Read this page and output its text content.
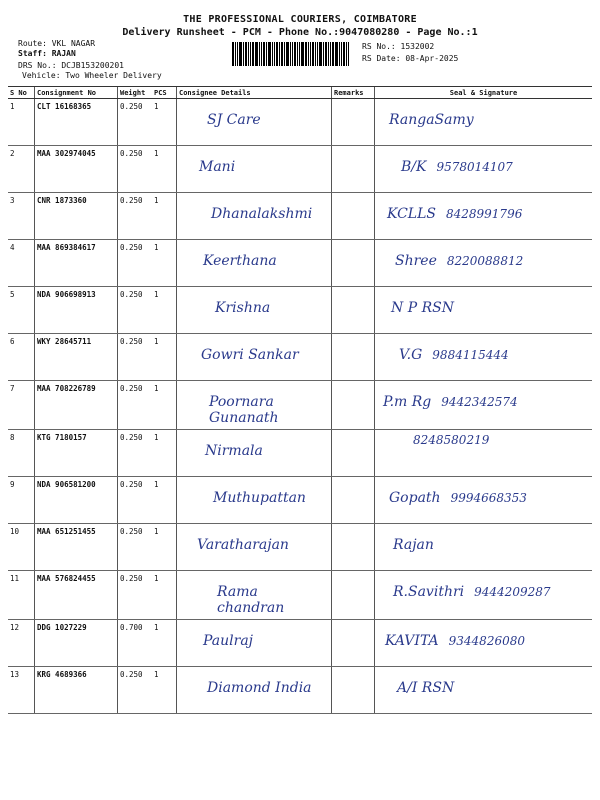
THE PROFESSIONAL COURIERS, COIMBATORE
Delivery Runsheet - PCM - Phone No.:9047080280 - Page No.:1
Route: VKL NAGAR
Staff: RAJAN
DRS No.: DCJB153200201
Vehicle: Two Wheeler Delivery
RS No.: 1532002
RS Date: 08-Apr-2025
S No	Consignment No	Weight	PCS	Consignee Details	Remarks	Seal & Signature
1	CLT 16168365	0.250	1	SJ Care		RangaSamy

2	MAA 302974045	0.250	1	Mani		B/K 9578014107

3	CNR 1873360	0.250	1	Dhanalakshmi		KCLLS 8428991796

4	MAA 869384617	0.250	1	Keerthana		Shree 8220088812

5	NDA 906698913	0.250	1	Krishna		N P RSN

6	WKY 28645711	0.250	1	Gowri Sankar		V.G 9884115444

7	MAA 708226789	0.250	1	Poornara Gunanath		P.m Rg 9442342574

8	KTG 7180157	0.250	1	Nirmala		8248580219

9	NDA 906581200	0.250	1	Muthupattan		Gopath 9994668353

10	MAA 651251455	0.250	1	Varatharajan		Rajan

11	MAA 576824455	0.250	1	Rama chandran		R.Savithri 9444209287

12	DDG 1027229	0.700	1	Paulraj		KAVITA 9344826080

13	KRG 4689366	0.250	1	Diamond India		A/I RSN
